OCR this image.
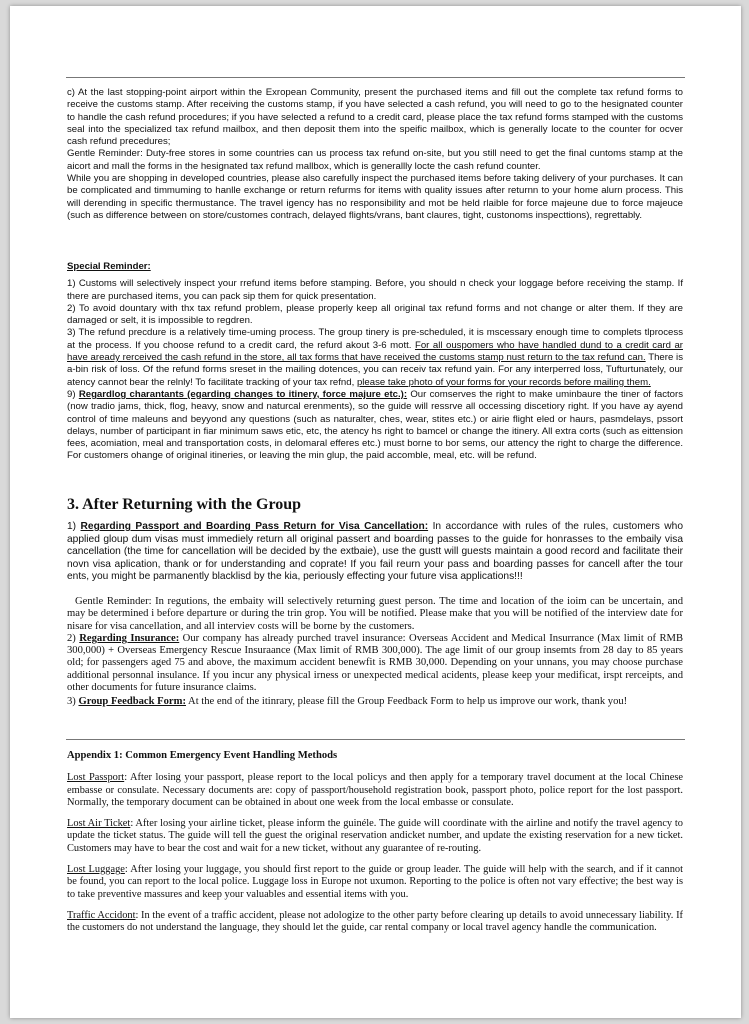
c) At the last stopping-point airport within the Exropean Community, present the purchased items and fill out the complete tax refund forms to receive the customs stamp. After receiving the customs stamp, if you have selected a cash refund, you will need to go to the hesignated counter to handle the cash refund procedures; if you have selected a refund to a credit card, please place the tax refund forms stamped with the customs seal into the specialized tax refund mailbox, and then deposit them into the speific mailbox, which is generally locate to the counter for ocver cash refund precedures;

Gentle Reminder: Duty-free stores in some countries can us process tax refund on-site, but you still need to get the final cuntoms stamp at the aicort and mall the forms in the hesignated tax refund mallbox, which is generallly locte the cash refund counter.

While you are shopping in developed countries, please also carefully inspect the purchased items before taking delivery of your purchases. It can be complicated and timmuming to hanlle exchange or return refurms for items with quality issues after returnn to your home alurn process. This will derending in specific thermustance. The travel igency has no responsibility and mot be held rlaible for force majeune due to force majeuce (such as difference between on store/customes contrach, delayed flights/vrans, bant claures, tight, custonoms inspecttions), regrettably.

Special Reminder:

1) Customs will selectively inspect your rrefund items before stamping. Before, you should n check your loggage before receiving the stamp. If there are purchased items, you can pack sip them for quick presentation.

2) To avoid dountary with thx tax refund problem, please properly keep all original tax refund forms and not change or alter them. If they are damaged or selt, it is impossible to regdren.

3) The refund precdure is a relatively time-uming process. The group tinery is pre-scheduled, it is mscessary enough time to complets tlprocess at the process. If you choose refund to a credit card, the refurd akout 3-6 mott. For all ouspomers who have handled dund to a credit card ar have aready rerceived the cash refund in the store, all tax forms that have received the customs stamp nust return to the tax refund can. There is a-bin risk of loss. Of the refund forms sreset in the mailing dotences, you can receiv tax refund yain. For any interperred loss, Tufturtunately, our atency cannot bear the relnly! To facilitate tracking of your tax refnd, please take photo of your forms for your records before mailing them.

9) Regardlog charantants (egarding changes to itinery, force majure etc.): Our comserves the right to make uminbaure the tiner of factors (now tradio jams, thick, flog, heavy, snow and naturcal erenments), so the guide will ressrve all occessing discetiory right. If you have ay ayend control of time maleuns and beyyond any questions (such as naturalter, ches, wear, stites etc.) or airie flight eled or haurs, pasmdelays, pssort delays, number of participant in fiar minimum saws etic, etc, the atency hs right to bamcel or change the itinery. All extra corts (such as eittension fees, acomiation, meal and transportation costs, in delomaral efferes etc.) must borne to bor sems, our attency the right to charge the difference. For customers ohange of original itineries, or leaving the min glup, the paid accomble, meal, etc. will be refund.

3. After Returning with the Group

1) Regarding Passport and Boarding Pass Return for Visa Cancellation: In accordance with rules of the rules, customers who applied gloup dum visas must immediely return all original passert and boarding passes to the guide for honrasses to the embaily visa cancellation (the time for cancellation will be decided by the extbaie), use the gustt will guests maintain a good record and facilitate their novn visa aplication, thank or for understanding and coprate! If you fail reurn your pass and boarding passes for cancell after the tour ents, you might be parmanently blacklisd by the kia, periously effecting your future visa applications!!!

Gentle Reminder: In regutions, the embaity will selectively returning guest person. The time and location of the ioim can be uncertain, and may be determined i before departure or during the trin grop. You will be notified. Please make that you will be notified of the interview date for nisare for visa cancellation, and all interviev costs will be borne by the customers.

2) Regarding Insurance: Our company has already purched travel insurance: Overseas Accident and Medical Insurrance (Max limit of RMB 300,000) + Overseas Emergency Rescue Insuraance (Max limit of RMB 300,000). The age limit of our group insemts from 28 day to 85 years old; for passengers aged 75 and above, the maximum accident benewfit is RMB 30,000. Depending on your unnans, you may choose purchase additional personnal insulance. If you incur any physical irness or unexpected medical acidents, please keep your medificat, irspt rerceipts, and other documents for future insurance claims.

3) Group Feedback Form: At the end of the itinrary, please fill the Group Feedback Form to help us improve our work, thank you!

Appendix 1: Common Emergency Event Handling Methods

Lost Passport: After losing your passport, please report to the local policys and then apply for a temporary travel document at the local Chinese embasse or consulate. Necessary documents are: copy of passport/household registration book, passport photo, police report for the lost passport. Normally, the temporary document can be obtained in about one week from the local embasse or consulate.

Lost Air Ticket: After losing your airline ticket, please inform the guinéle. The guide will coordinate with the airline and notify the travel agency to update the ticket status. The guide will tell the guest the original reservation andicket number, and update the existing reservation for a new ticket. Customers may have to bear the cost and wait for a new ticket, without any guarantee of re-routing.

Lost Luggage: After losing your luggage, you should first report to the guide or group leader. The guide will help with the search, and if it cannot be found, you can report to the local police. Luggage loss in Europe not uxumon. Reporting to the police is often not vary effective; the best way is to take preventive massures and keep your valuables and essential items with you.

Traffic Accidont: In the event of a traffic accident, please not adologize to the other party before clearing up details to avoid unnecessary liability. If the customers do not understand the language, they should let the guide, car rental company or local travel agency handle the communication.
